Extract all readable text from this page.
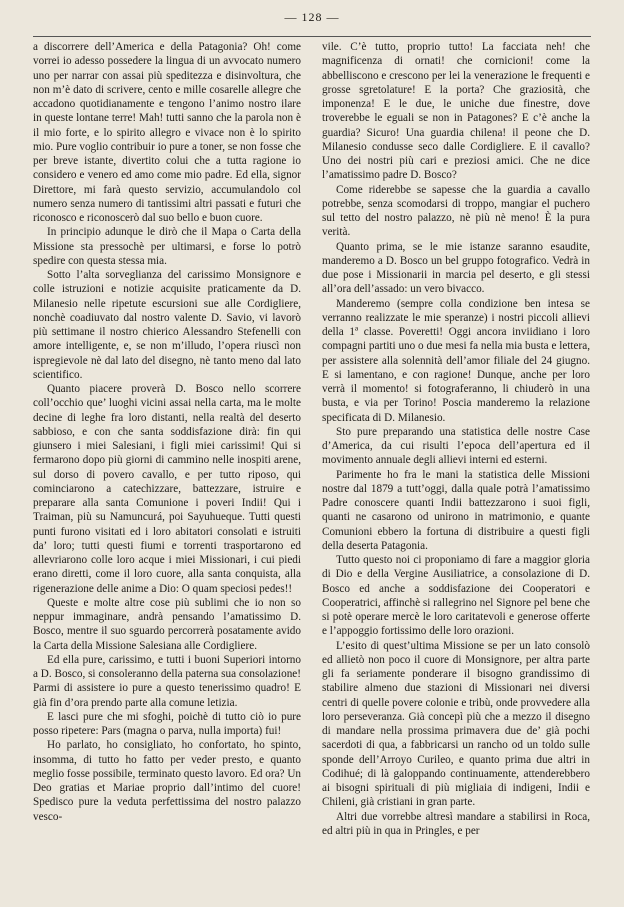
— 128 —

a discorrere dell’America e della Patagonia? Oh! come vorrei io adesso possedere la lingua di un avvocato numero uno per narrar con assai più speditezza e disinvoltura, che non m’è dato di scrivere, cento e mille cosarelle allegre che accadono quotidianamente e tengono l’animo nostro ilare in queste lontane terre! Mah! tutti sanno che la parola non è il mio forte, e lo spirito allegro e vivace non è lo spirito mio. Pure voglio contribuir io pure a toner, se non fosse che per breve istante, divertito colui che a tutta ragione io considero e venero ed amo come mio padre. Ed ella, signor Direttore, mi farà questo servizio, accumulandolo col numero senza numero di tantissimi altri passati e futuri che riconosco e riconoscerò dal suo bello e buon cuore.

In principio adunque le dirò che il Mapa o Carta della Missione sta pressochè per ultimarsi, e forse lo potrò spedire con questa stessa mia.

Sotto l’alta sorveglianza del carissimo Monsignore e colle istruzioni e notizie acquisite praticamente da D. Milanesio nelle ripetute escursioni sue alle Cordigliere, nonchè coadiuvato dal nostro valente D. Savio, vi lavorò più settimane il nostro chierico Alessandro Stefenelli con amore intelligente, e, se non m’illudo, l’opera riuscì non ispregievole nè dal lato del disegno, nè tanto meno dal lato scientifico.

Quanto piacere proverà D. Bosco nello scorrere coll’occhio que’ luoghi vicini assai nella carta, ma le molte decine di leghe fra loro distanti, nella realtà del deserto sabbioso, e con che santa soddisfazione dirà: fin qui giunsero i miei Salesiani, i figli miei carissimi! Qui si fermarono dopo più giorni di cammino nelle inospiti arene, sul dorso di povero cavallo, e per tutto riposo, qui cominciarono a catechizzare, battezzare, istruire e preparare alla santa Comunione i poveri Indii! Qui i Traiman, più su Namuncurá, poi Sayuhueque. Tutti questi punti furono visitati ed i loro abitatori consolati e istruiti da’ loro; tutti questi fiumi e torrenti trasportarono ed allevriarono colle loro acque i miei Missionari, i cui piedi erano diretti, come il loro cuore, alla santa conquista, alla rigenerazione delle anime a Dio: O quam speciosi pedes!!

Queste e molte altre cose più sublimi che io non so neppur immaginare, andrà pensando l’amatissimo D. Bosco, mentre il suo sguardo percorrerà posatamente avido la Carta della Missione Salesiana alle Cordigliere.

Ed ella pure, carissimo, e tutti i buoni Superiori intorno a D. Bosco, si consoleranno della paterna sua consolazione! Parmi di assistere io pure a questo tenerissimo quadro! E già fin d’ora prendo parte alla comune letizia.

E lasci pure che mi sfoghi, poichè di tutto ciò io pure posso ripetere: Pars (magna o parva, nulla importa) fui!

Ho parlato, ho consigliato, ho confortato, ho spinto, insomma, di tutto ho fatto per veder presto, e quanto meglio fosse possibile, terminato questo lavoro. Ed ora? Un Deo gratias et Mariae proprio dall’intimo del cuore! Spedisco pure la veduta perfettissima del nostro palazzo vesco-

vile. C’è tutto, proprio tutto! La facciata neh! che magnificenza di ornati! che cornicioni! come la abbelliscono e crescono per lei la venerazione le frequenti e grosse sgretolature! E la porta? Che graziosità, che imponenza! E le due, le uniche due finestre, dove troverebbe le eguali se non in Patagones? E c’è anche la guardia? Sicuro! Una guardia chilena! il peone che D. Milanesio condusse seco dalle Cordigliere. E il cavallo? Uno dei nostri più cari e preziosi amici. Che ne dice l’amatissimo padre D. Bosco?

Come riderebbe se sapesse che la guardia a cavallo potrebbe, senza scomodarsi di troppo, mangiar el puchero sul tetto del nostro palazzo, nè più nè meno! È la pura verità.

Quanto prima, se le mie istanze saranno esaudite, manderemo a D. Bosco un bel gruppo fotografico. Vedrà in due pose i Missionarii in marcia pel deserto, e gli stessi all’ora dell’assado: un vero bivacco.

Manderemo (sempre colla condizione ben intesa se verranno realizzate le mie speranze) i nostri piccoli allievi della 1ª classe. Poveretti! Oggi ancora inviidiano i loro compagni partiti uno o due mesi fa nella mia busta e lettera, per assistere alla solennità dell’amor filiale del 24 giugno. E si lamentano, e con ragione! Dunque, anche per loro verrà il momento! si fotograferanno, li chiuderò in una busta, e via per Torino! Poscia manderemo la relazione specificata di D. Milanesio.

Sto pure preparando una statistica delle nostre Case d’America, da cui risulti l’epoca dell’apertura ed il movimento annuale degli allievi interni ed esterni.

Parimente ho fra le mani la statistica delle Missioni nostre dal 1879 a tutt’oggi, dalla quale potrà l’amatissimo Padre conoscere quanti Indii battezzarono i suoi figli, quanti ne casarono od unirono in matrimonio, e quante Comunioni ebbero la fortuna di distribuire a questi figli della deserta Patagonia.

Tutto questo noi ci proponiamo di fare a maggior gloria di Dio e della Vergine Ausiliatrice, a consolazione di D. Bosco ed anche a soddisfazione dei Cooperatori e Cooperatrici, affinchè si rallegrino nel Signore pel bene che si potè operare mercè le loro caritatevoli e generose offerte e l’appoggio fortissimo delle loro orazioni.

L’esito di quest’ultima Missione se per un lato consolò ed allietò non poco il cuore di Monsignore, per altra parte gli fa seriamente ponderare il bisogno grandissimo di stabilire almeno due stazioni di Missionari nei diversi centri di quelle povere colonie e tribù, onde provvedere alla loro perseveranza. Già concepì più che a mezzo il disegno di mandare nella prossima primavera due de’ già pochi sacerdoti di qua, a fabbricarsi un rancho od un toldo sulle sponde dell’Arroyo Curileo, e quanto prima due altri in Codihué; di là galoppando continuamente, attenderebbero ai bisogni spirituali di più migliaia di indigeni, Indii e Chileni, già cristiani in gran parte.

Altri due vorrebbe altresì mandare a stabilirsi in Roca, ed altri più in qua in Pringles, e per
